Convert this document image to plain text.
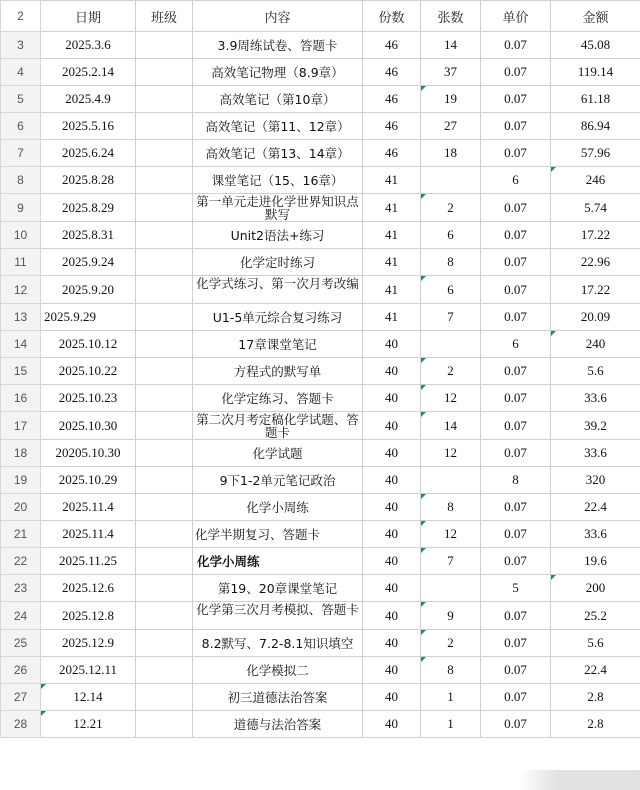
2	日期	班级	内容	份数	张数	单价	金额
3	2025.3.6		3.9周练试卷、答题卡	46	14	0.07	45.08
4	2025.2.14		高效笔记物理（8.9章）	46	37	0.07	119.14
5	2025.4.9		高效笔记（第10章）	46	19	0.07	61.18
6	2025.5.16		高效笔记（第11、12章）	46	27	0.07	86.94
7	2025.6.24		高效笔记（第13、14章）	46	18	0.07	57.96
8	2025.8.28		课堂笔记（15、16章）	41		6	246

9	2025.8.29		第一单元走进化学世界知识点默写	41	2	0.07	5.74
10	2025.8.31		Unit2语法+练习	41	6	0.07	17.22
11	2025.9.24		化学定时练习	41	8	0.07	22.96
12	2025.9.20		化学式练习、第一次月考改编	41	6	0.07	17.22
13	2025.9.29		U1-5单元综合复习练习	41	7	0.07	20.09
14	2025.10.12		17章课堂笔记	40		6	240

15	2025.10.22		方程式的默写单	40	2	0.07	5.6
16	2025.10.23		化学定练习、答题卡	40	12	0.07	33.6
17	2025.10.30		第二次月考定稿化学试题、答题卡	40	14	0.07	39.2
18	20205.10.30		化学试题	40	12	0.07	33.6
19	2025.10.29		9下1-2单元笔记政治	40		8	320
20	2025.11.4		化学小周练	40	8	0.07	22.4
21	2025.11.4		化学半期复习、答题卡	40	12	0.07	33.6
22	2025.11.25		化学小周练	40	7	0.07	19.6
23	2025.12.6		第19、20章课堂笔记	40		5	200

24	2025.12.8		化学第三次月考模拟、答题卡	40	9	0.07	25.2
25	2025.12.9		8.2默写、7.2-8.1知识填空	40	2	0.07	5.6
26	2025.12.11		化学模拟二	40	8	0.07	22.4
27	12.14		初三道德法治答案	40	1	0.07	2.8
28	12.21		道德与法治答案	40	1	0.07	2.8
